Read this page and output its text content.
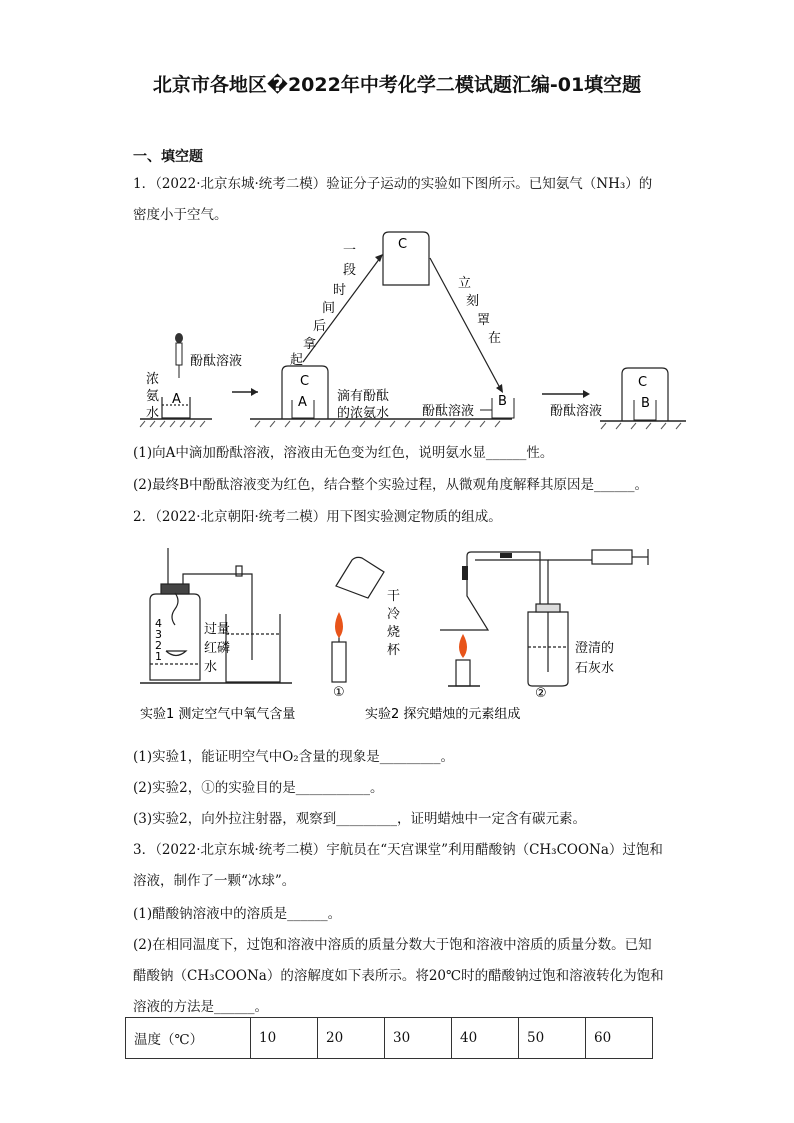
北京市各地区�2022年中考化学二模试题汇编-01填空题
一、填空题
1．（2022·北京东城·统考二模）验证分子运动的实验如下图所示。已知氨气（NH₃）的
密度小于空气。
A
酚酞溶液
浓
氨
水
C
A 滴有酚酞
的浓氨水
C
一
段
时
间
后
拿
起
立
刻
罩
在
B
酚酞溶液
C
B
酚酞溶液
(1)向A中滴加酚酞溶液，溶液由无色变为红色，说明氨水显______性。
(2)最终B中酚酞溶液变为红色，结合整个实验过程，从微观角度解释其原因是______。
2．（2022·北京朝阳·统考二模）用下图实验测定物质的组成。
4
3
2
1
过量
红磷
水
干
冷
烧
杯
①
澄清的
石灰水
②
实验1 测定空气中氧气含量	实验2 探究蜡烛的元素组成
(1)实验1，能证明空气中O₂含量的现象是_________。
(2)实验2，①的实验目的是___________。
(3)实验2，向外拉注射器，观察到_________，证明蜡烛中一定含有碳元素。
3．（2022·北京东城·统考二模）宇航员在“天宫课堂”利用醋酸钠（CH₃COONa）过饱和
溶液，制作了一颗“冰球”。
(1)醋酸钠溶液中的溶质是______。
(2)在相同温度下，过饱和溶液中溶质的质量分数大于饱和溶液中溶质的质量分数。已知
醋酸钠（CH₃COONa）的溶解度如下表所示。将20℃时的醋酸钠过饱和溶液转化为饱和
溶液的方法是______。
温度（℃）	10	20	30	40	50	60
